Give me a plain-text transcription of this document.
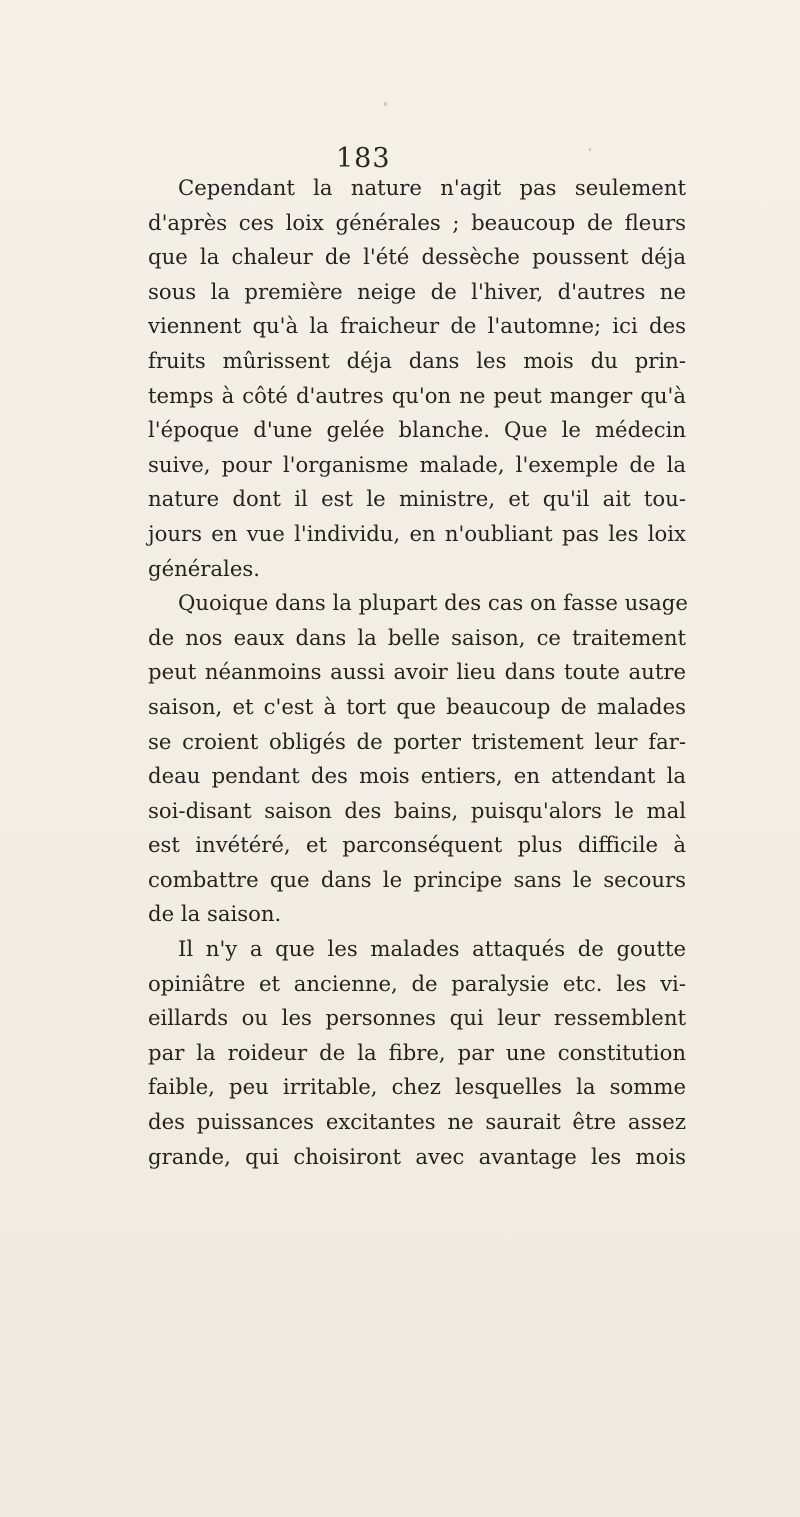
183
Cependant la nature n'agit pas seulement
d'après ces loix générales ; beaucoup de fleurs
que la chaleur de l'été dessèche poussent déja
sous la première neige de l'hiver, d'autres ne
viennent qu'à la fraicheur de l'automne; ici des
fruits mûrissent déja dans les mois du prin-
temps à côté d'autres qu'on ne peut manger qu'à
l'époque d'une gelée blanche. Que le médecin
suive, pour l'organisme malade, l'exemple de la
nature dont il est le ministre, et qu'il ait tou-
jours en vue l'individu, en n'oubliant pas les loix
générales.
Quoique dans la plupart des cas on fasse usage
de nos eaux dans la belle saison, ce traitement
peut néanmoins aussi avoir lieu dans toute autre
saison, et c'est à tort que beaucoup de malades
se croient obligés de porter tristement leur far-
deau pendant des mois entiers, en attendant la
soi-disant saison des bains, puisqu'alors le mal
est invétéré, et parconséquent plus difficile à
combattre que dans le principe sans le secours
de la saison.
Il n'y a que les malades attaqués de goutte
opiniâtre et ancienne, de paralysie etc. les vi-
eillards ou les personnes qui leur ressemblent
par la roideur de la fibre, par une constitution
faible, peu irritable, chez lesquelles la somme
des puissances excitantes ne saurait être assez
grande, qui choisiront avec avantage les mois
